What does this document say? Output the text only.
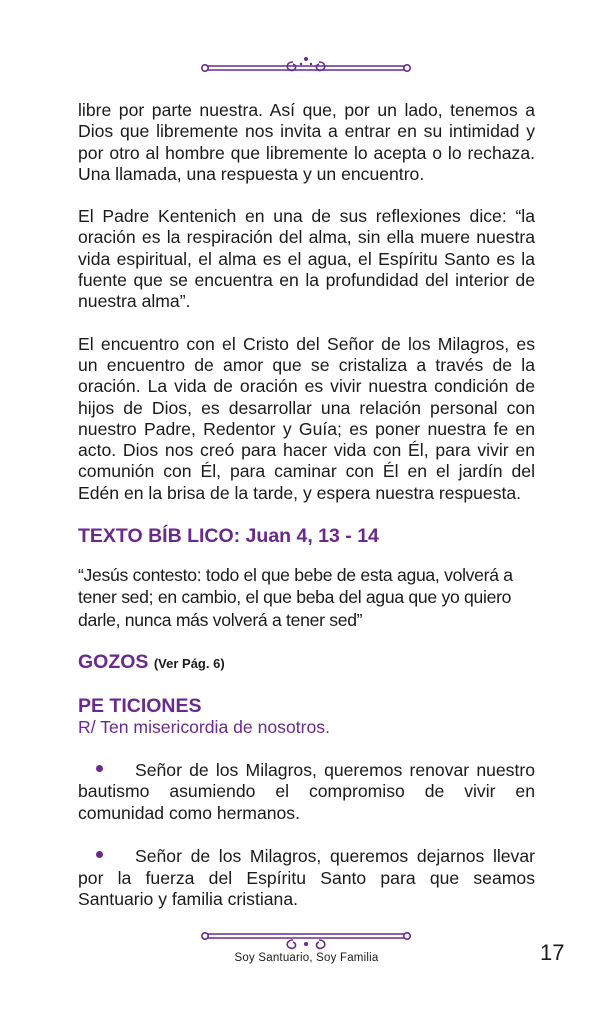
libre por parte nuestra. Así que, por un lado, tenemos a Dios que libremente nos invita a entrar en su intimidad y por otro al hombre que libremente lo acepta o lo rechaza. Una llamada, una respuesta y un encuentro.

El Padre Kentenich en una de sus reflexiones dice: “la oración es la respiración del alma, sin ella muere nuestra vida espiritual, el alma es el agua, el Espíritu Santo es la fuente que se encuentra en la profundidad del interior de nuestra alma”.

El encuentro con el Cristo del Señor de los Milagros, es un encuentro de amor que se cristaliza a través de la oración. La vida de oración es vivir nuestra condición de hijos de Dios, es desarrollar una relación personal con nuestro Padre, Redentor y Guía; es poner nuestra fe en acto. Dios nos creó para hacer vida con Él, para vivir en comunión con Él, para caminar con Él en el jardín del Edén en la brisa de la tarde, y espera nuestra respuesta.

TEXTO BÍB LICO: Juan 4, 13 - 14

“Jesús contesto: todo el que bebe de esta agua, volverá a tener sed; en cambio, el que beba del agua que yo quiero darle, nunca más volverá a tener sed”

GOZOS (Ver Pág. 6)
PE TICIONES

R/ Ten misericordia de nosotros.

Señor de los Milagros, queremos renovar nuestro bautismo asumiendo el compromiso de vivir en comunidad como hermanos.

Señor de los Milagros, queremos dejarnos llevar por la fuerza del Espíritu Santo para que seamos Santuario y familia cristiana.

Soy Santuario, Soy Familia	17
